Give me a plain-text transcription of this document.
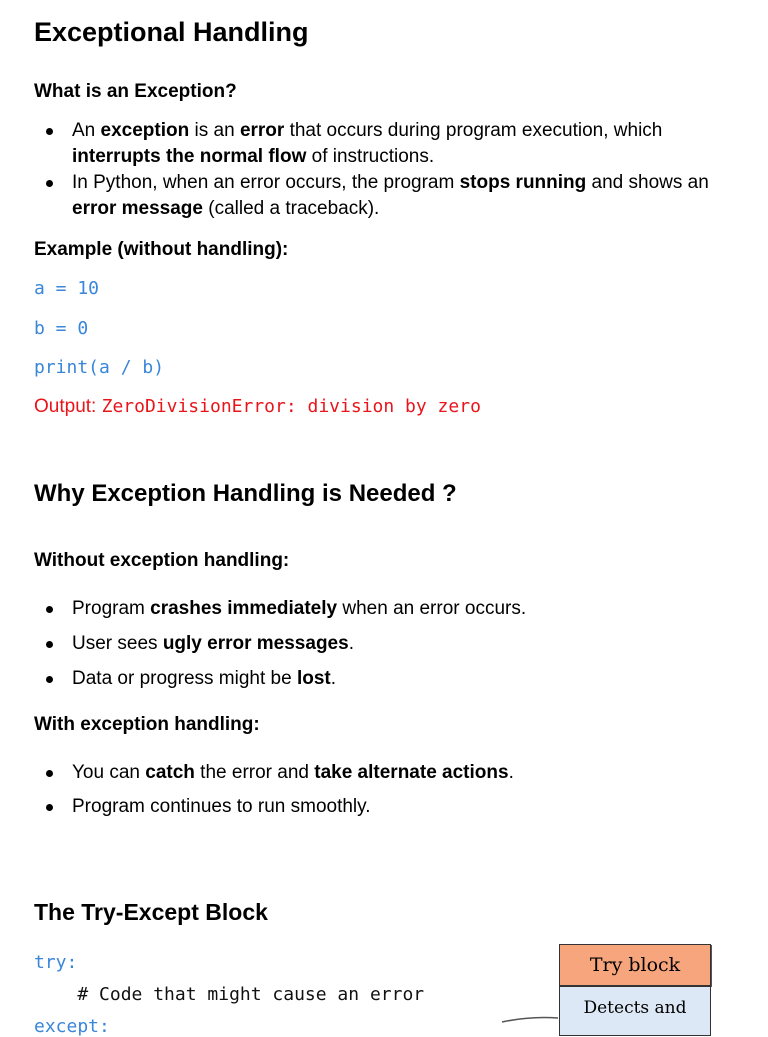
Exceptional Handling
What is an Exception?
An exception is an error that occurs during program execution, which interrupts the normal flow of instructions.
In Python, when an error occurs, the program stops running and shows an error message (called a traceback).
Example (without handling):
a = 10
b = 0
print(a / b)
Output: ZeroDivisionError: division by zero
Why Exception Handling is Needed ?
Without exception handling:
Program crashes immediately when an error occurs.
User sees ugly error messages.
Data or progress might be lost.
With exception handling:
You can catch the error and take alternate actions.
Program continues to run smoothly.
The Try-Except Block
try:
# Code that might cause an error
except:
Try block
Detects and
